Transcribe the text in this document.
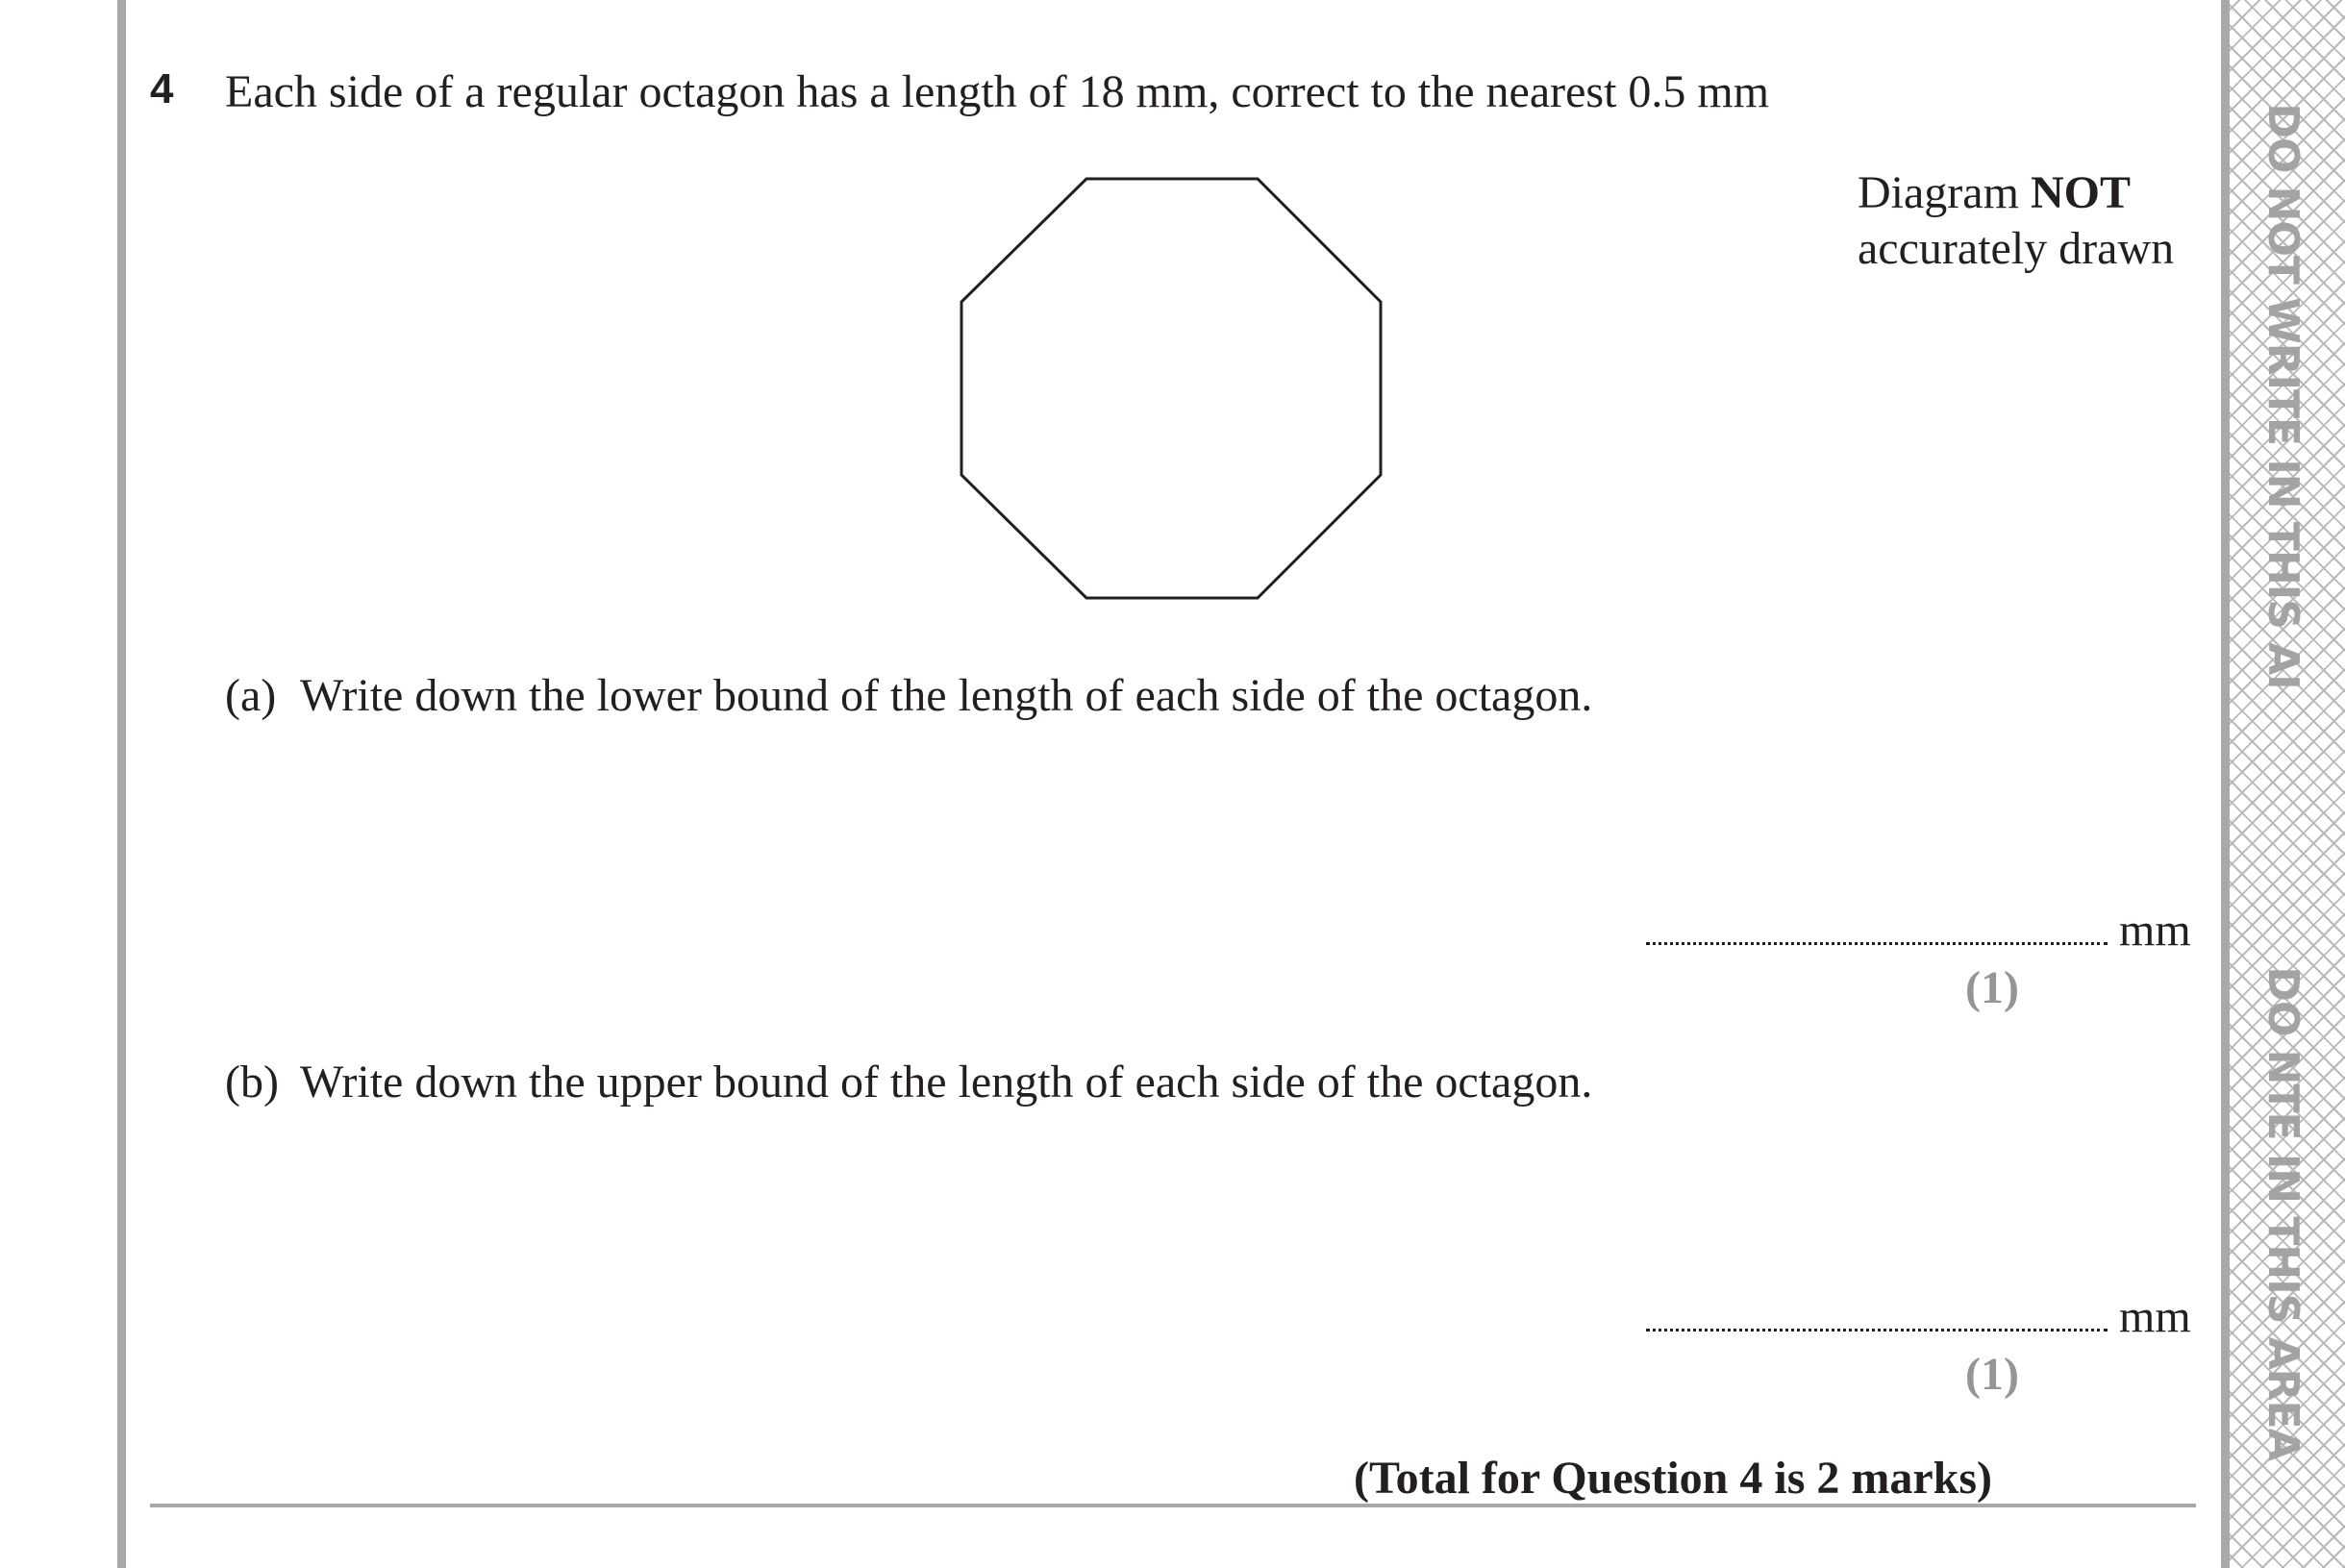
DO NOT WRITE IN THIS AI
DO NTE IN THIS AREA
4 Each side of a regular octagon has a length of 18 mm, correct to the nearest 0.5 mm
Diagram NOT
accurately drawn
(a) Write down the lower bound of the length of each side of the octagon.
mm
(1)
(b) Write down the upper bound of the length of each side of the octagon.
mm
(1)
(Total for Question 4 is 2 marks)
